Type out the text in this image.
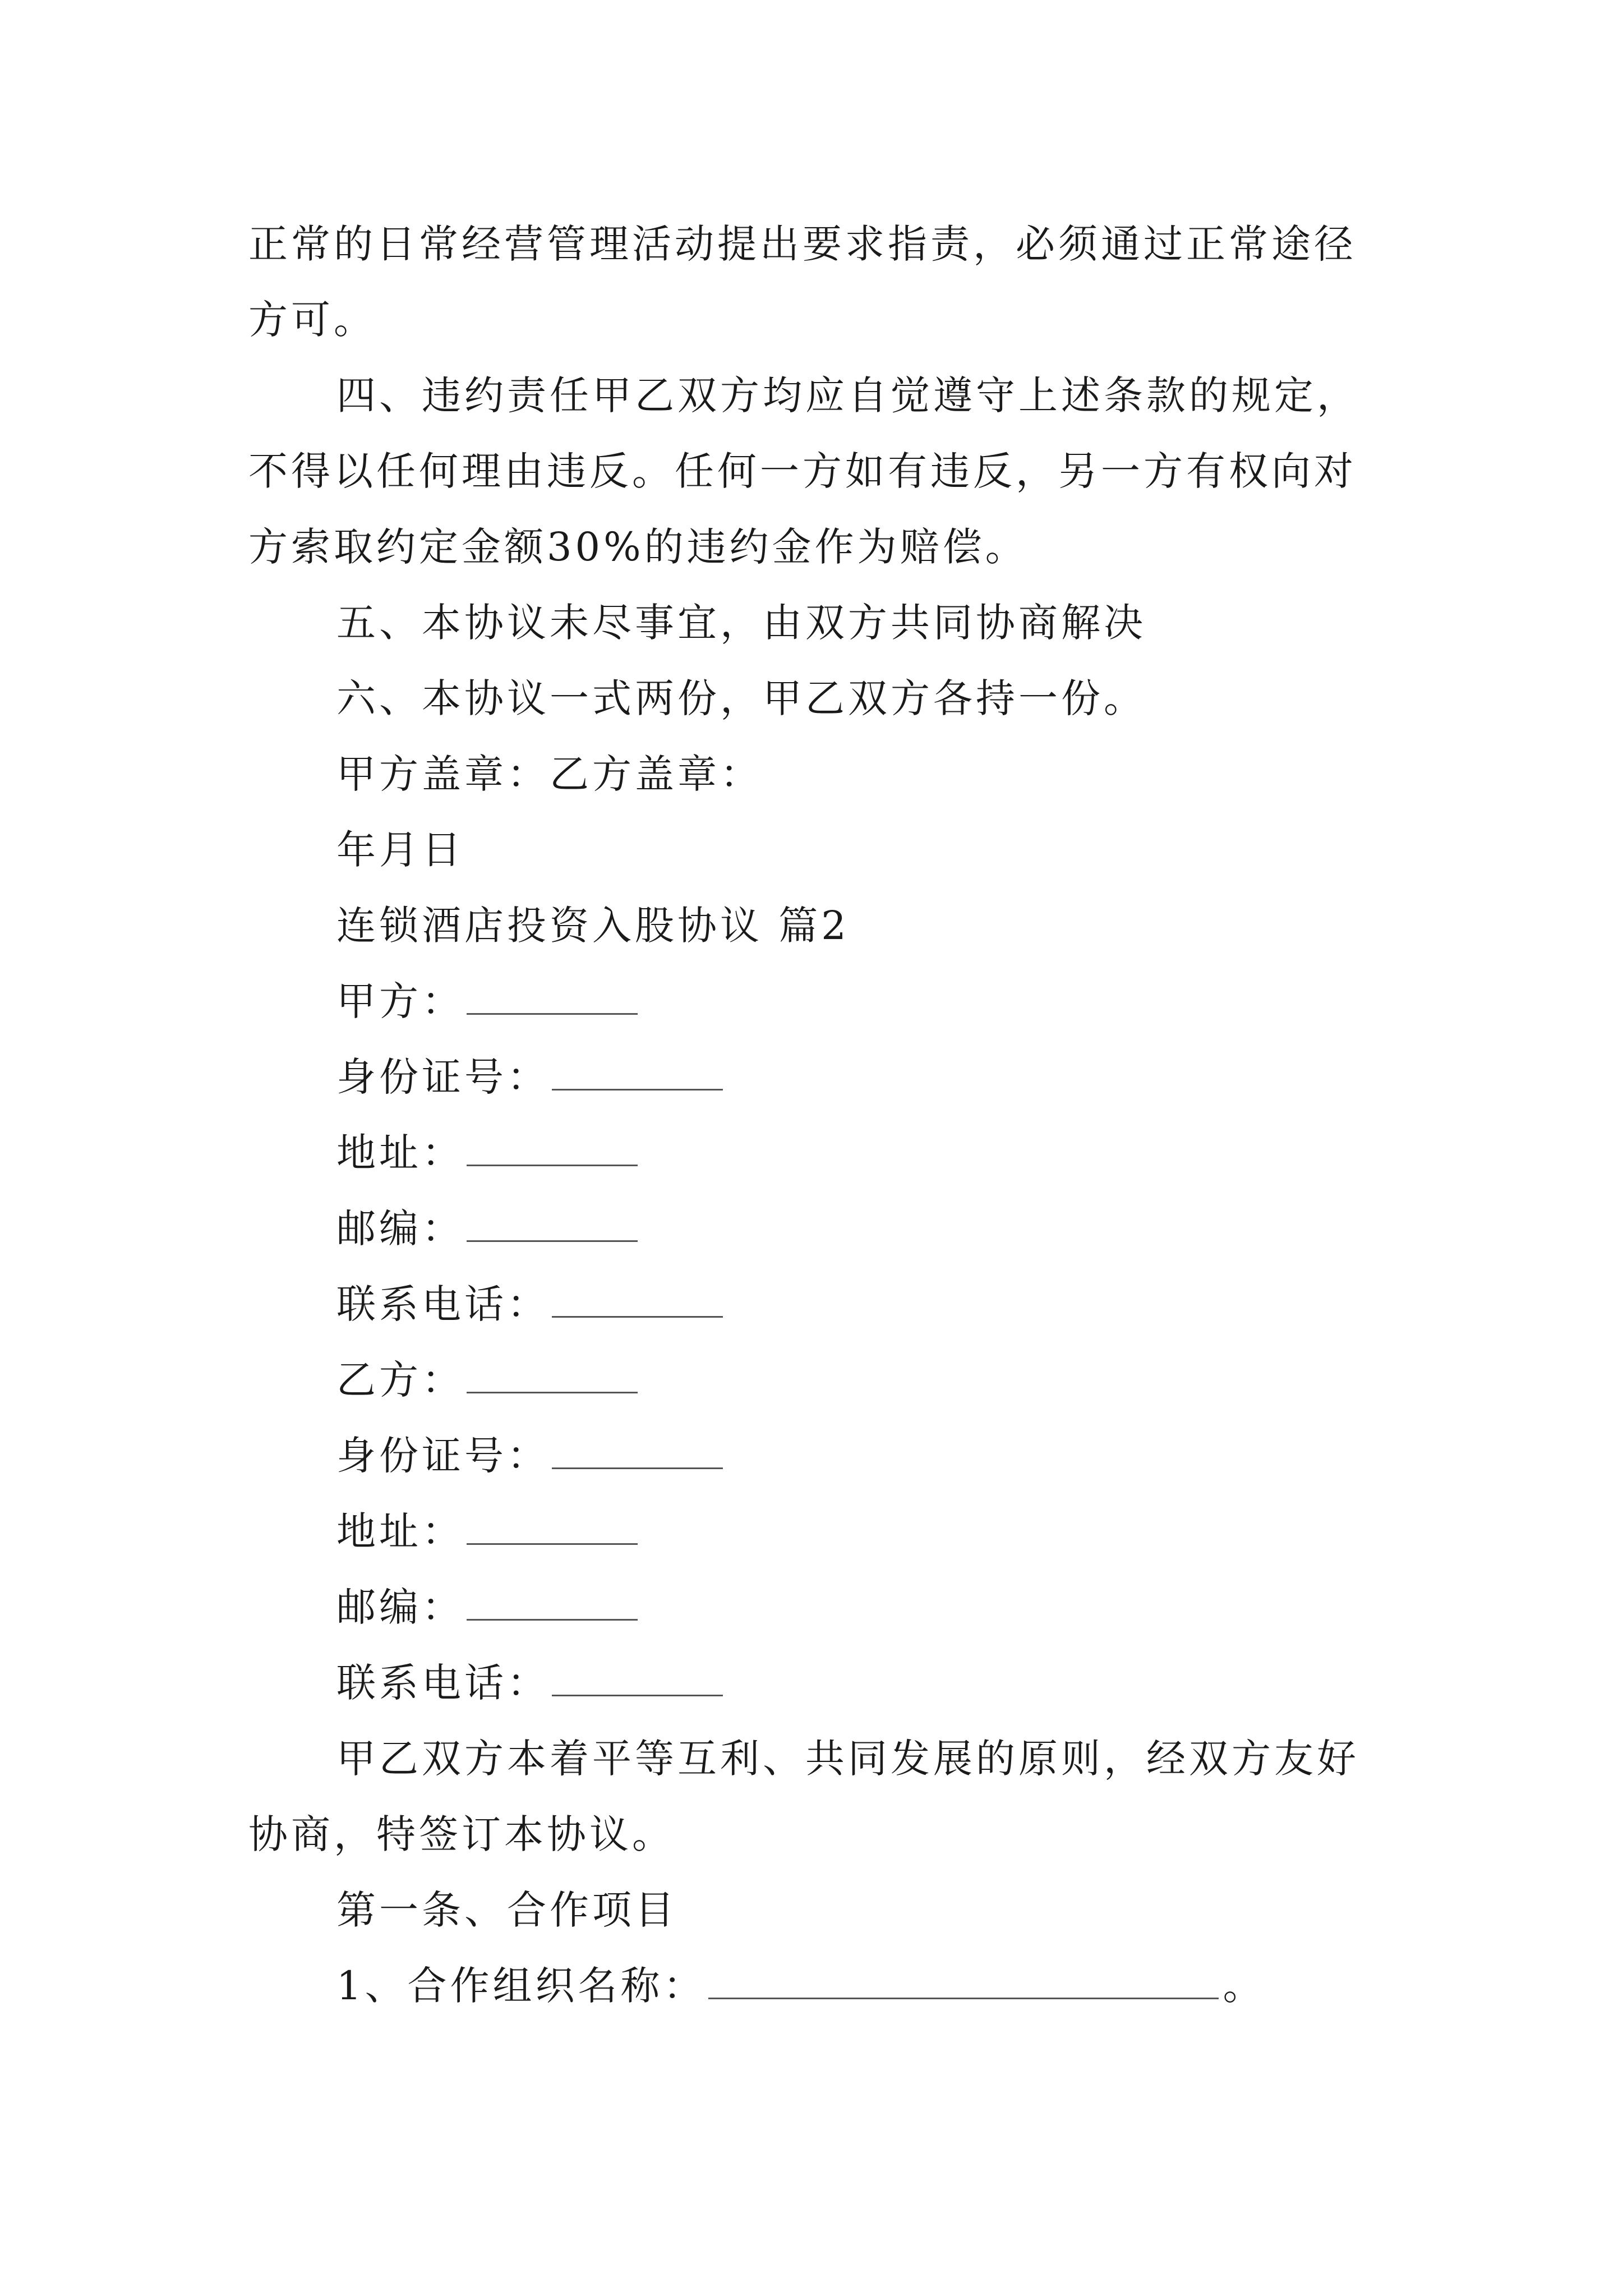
正常的日常经营管理活动提出要求指责，必须通过正常途径
方可。
四、违约责任甲乙双方均应自觉遵守上述条款的规定，
不得以任何理由违反。任何一方如有违反，另一方有权向对
方索取约定金额30%的违约金作为赔偿。
五、本协议未尽事宜，由双方共同协商解决
六、本协议一式两份，甲乙双方各持一份。
甲方盖章：乙方盖章：
年月日
连锁酒店投资入股协议 篇2
甲方：
身份证号：
地址：
邮编：
联系电话：
乙方：
身份证号：
地址：
邮编：
联系电话：
甲乙双方本着平等互利、共同发展的原则，经双方友好
协商，特签订本协议。
第一条、合作项目
1、合作组织名称：	。
